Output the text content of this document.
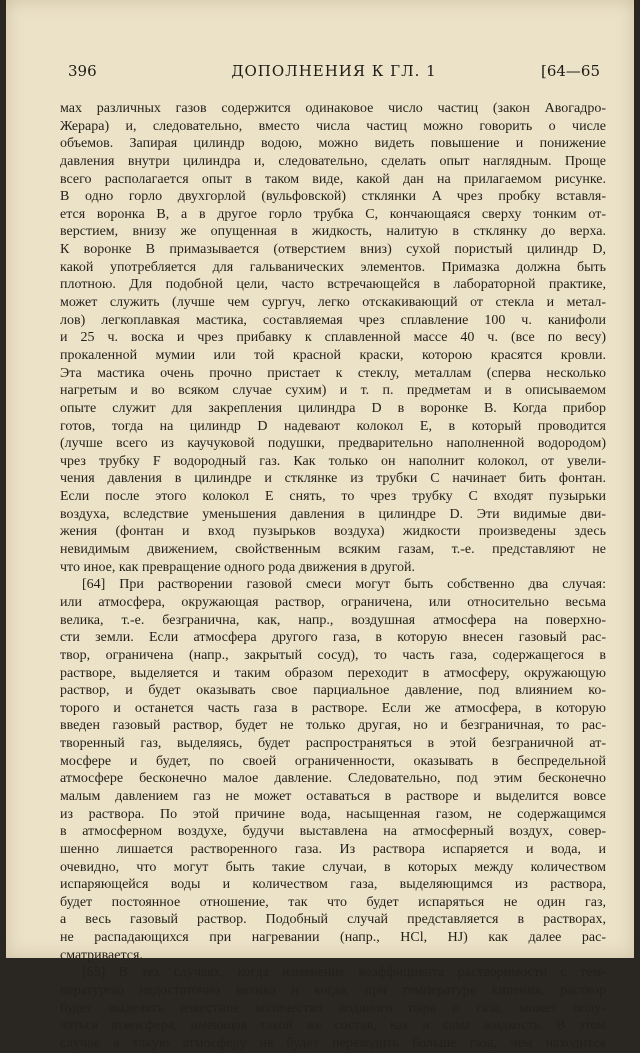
396	ДОПОЛНЕНИЯ К ГЛ. 1	[64—65
мах различных газов содержится одинаковое число частиц (закон Авогадро-
Жерара) и, следовательно, вместо числа частиц можно говорить о числе
объемов. Запирая цилиндр водою, можно видеть повышение и понижение
давления внутри цилиндра и, следовательно, сделать опыт наглядным. Проще
всего располагается опыт в таком виде, какой дан на прилагаемом рисунке.
В одно горло двухгорлой (вульфовской) стклянки A чрез пробку вставля-
ется воронка B, а в другое горло трубка C, кончающаяся сверху тонким от-
верстием, внизу же опущенная в жидкость, налитую в стклянку до верха.
К воронке B примазывается (отверстием вниз) сухой пористый цилиндр D,
какой употребляется для гальванических элементов. Примазка должна быть
плотною. Для подобной цели, часто встречающейся в лабораторной практике,
может служить (лучше чем сургуч, легко отскакивающий от стекла и метал-
лов) легкоплавкая мастика, составляемая чрез сплавление 100 ч. канифоли
и 25 ч. воска и чрез прибавку к сплавленной массе 40 ч. (все по весу)
прокаленной мумии или той красной краски, которою красятся кровли.
Эта мастика очень прочно пристает к стеклу, металлам (сперва несколько
нагретым и во всяком случае сухим) и т. п. предметам и в описываемом
опыте служит для закрепления цилиндра D в воронке B. Когда прибор
готов, тогда на цилиндр D надевают колокол E, в который проводится
(лучше всего из каучуковой подушки, предварительно наполненной водородом)
чрез трубку F водородный газ. Как только он наполнит колокол, от увели-
чения давления в цилиндре и стклянке из трубки C начинает бить фонтан.
Если после этого колокол E снять, то чрез трубку C входят пузырьки
воздуха, вследствие уменьшения давления в цилиндре D. Эти видимые дви-
жения (фонтан и вход пузырьков воздуха) жидкости произведены здесь
невидимым движением, свойственным всяким газам, т.-е. представляют не
что иное, как превращение одного рода движения в другой.
[64] При растворении газовой смеси могут быть собственно два случая:
или атмосфера, окружающая раствор, ограничена, или относительно весьма
велика, т.-е. безгранична, как, напр., воздушная атмосфера на поверхно-
сти земли. Если атмосфера другого газа, в которую внесен газовый рас-
твор, ограничена (напр., закрытый сосуд), то часть газа, содержащегося в
растворе, выделяется и таким образом переходит в атмосферу, окружающую
раствор, и будет оказывать свое парциальное давление, под влиянием ко-
торого и останется часть газа в растворе. Если же атмосфера, в которую
введен газовый раствор, будет не только другая, но и безграничная, то рас-
творенный газ, выделяясь, будет распространяться в этой безграничной ат-
мосфере и будет, по своей ограниченности, оказывать в беспредельной
атмосфере бесконечно малое давление. Следовательно, под этим бесконечно
малым давлением газ не может оставаться в растворе и выделится вовсе
из раствора. По этой причине вода, насыщенная газом, не содержащимся
в атмосферном воздухе, будучи выставлена на атмосферный воздух, совер-
шенно лишается растворенного газа. Из раствора испаряется и вода, и
очевидно, что могут быть такие случаи, в которых между количеством
испаряющейся воды и количеством газа, выделяющимся из раствора,
будет постоянное отношение, так что будет испаряться не один газ,
а весь газовый раствор. Подобный случай представляется в растворах,
не распадающихся при нагревании (напр., HCl, HJ) как далее рас-
сматривается.
[65] В тех случаях, когда изменение коэффициента растворимости с тем-
пературою недостаточно велико и когда, при температуре кипения, раствор
будет выделять известное количество водяного пара и газа, может полу-
чаться атмосфера, имеющая такой же состав, как и сама жидкость. В этом
случае в такую атмосферу не будет переходить больше газа, чем находится
